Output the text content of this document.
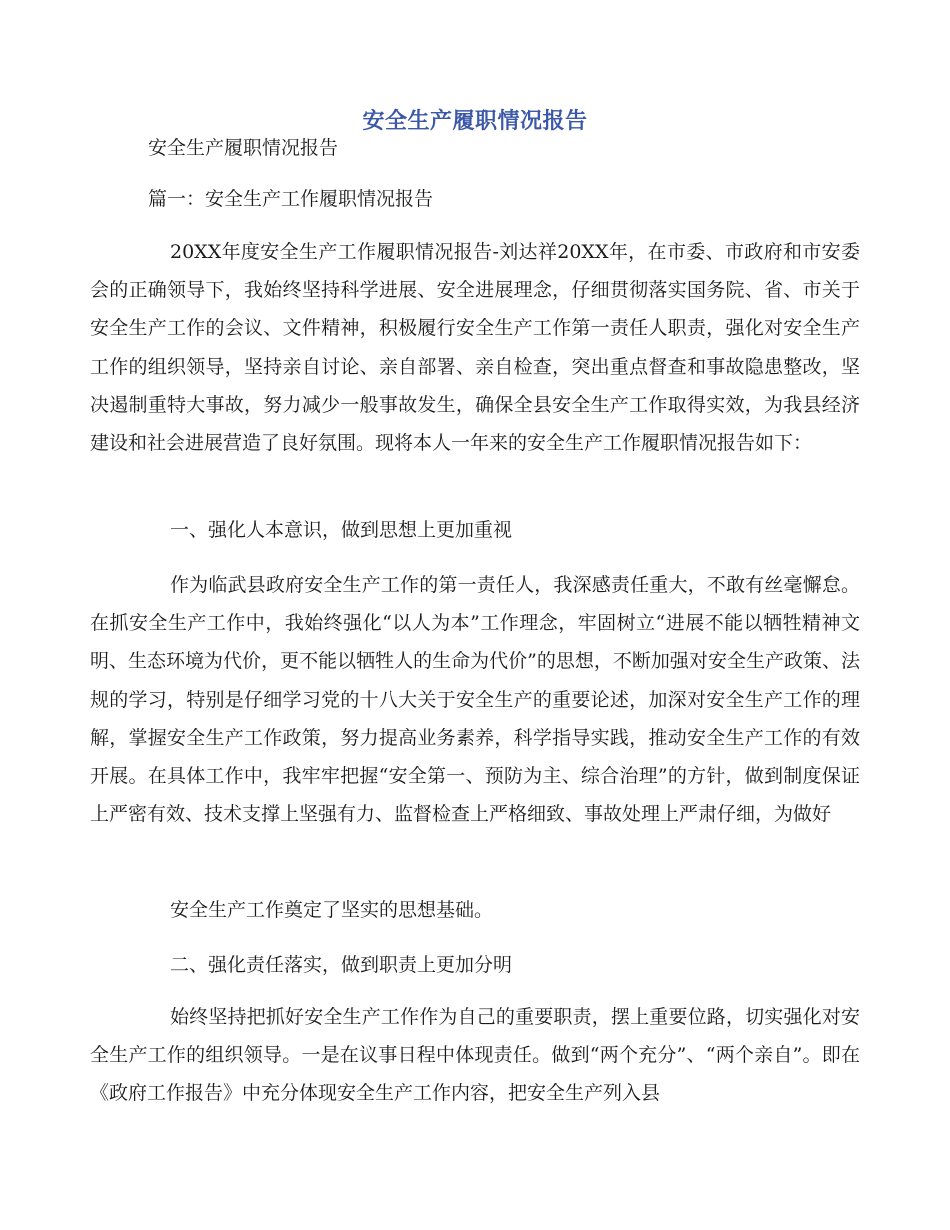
安全生产履职情况报告
安全生产履职情况报告
篇一：安全生产工作履职情况报告
20XX年度安全生产工作履职情况报告-刘达祥20XX年，在市委、市政府和市安委会的正确领导下，我始终坚持科学进展、安全进展理念，仔细贯彻落实国务院、省、市关于安全生产工作的会议、文件精神，积极履行安全生产工作第一责任人职责，强化对安全生产工作的组织领导，坚持亲自讨论、亲自部署、亲自检查，突出重点督查和事故隐患整改，坚决遏制重特大事故，努力减少一般事故发生，确保全县安全生产工作取得实效，为我县经济建设和社会进展营造了良好氛围。现将本人一年来的安全生产工作履职情况报告如下：
一、强化人本意识，做到思想上更加重视
作为临武县政府安全生产工作的第一责任人，我深感责任重大，不敢有丝毫懈怠。在抓安全生产工作中，我始终强化“以人为本”工作理念，牢固树立“进展不能以牺牲精神文明、生态环境为代价，更不能以牺牲人的生命为代价”的思想，不断加强对安全生产政策、法规的学习，特别是仔细学习党的十八大关于安全生产的重要论述，加深对安全生产工作的理解，掌握安全生产工作政策，努力提高业务素养，科学指导实践，推动安全生产工作的有效开展。在具体工作中，我牢牢把握“安全第一、预防为主、综合治理”的方针，做到制度保证上严密有效、技术支撑上坚强有力、监督检查上严格细致、事故处理上严肃仔细，为做好
安全生产工作奠定了坚实的思想基础。
二、强化责任落实，做到职责上更加分明
始终坚持把抓好安全生产工作作为自己的重要职责，摆上重要位路，切实强化对安全生产工作的组织领导。一是在议事日程中体现责任。做到“两个充分”、“两个亲自”。即在《政府工作报告》中充分体现安全生产工作内容，把安全生产列入县
